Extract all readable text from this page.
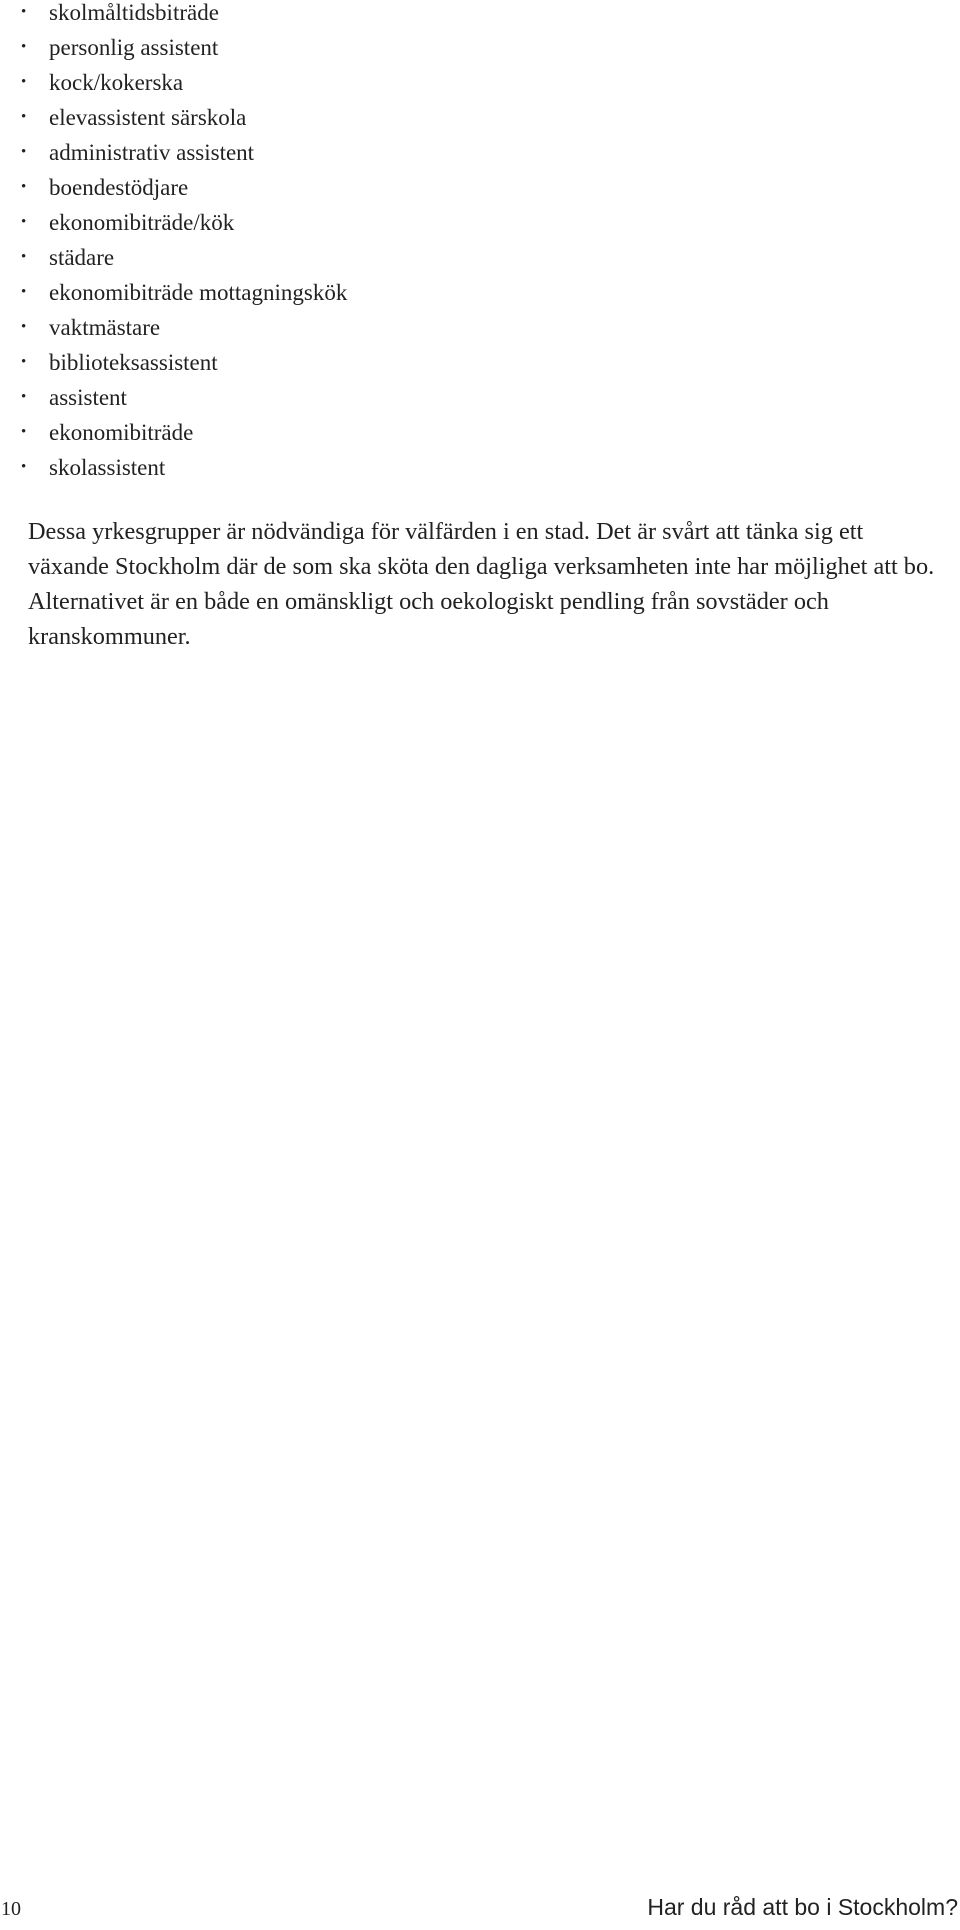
• skolmåltidsbiträde
• personlig assistent
• kock/kokerska
• elevassistent särskola
• administrativ assistent
• boendestödjare
• ekonomibiträde/kök
• städare
• ekonomibiträde mottagningskök
• vaktmästare
• biblioteksassistent
• assistent
• ekonomibiträde
• skolassistent

Dessa yrkesgrupper är nödvändiga för välfärden i en stad. Det är svårt att tänka sig ett växande Stockholm där de som ska sköta den dagliga verksamheten inte har möjlighet att bo. Alternativet är en både en omänskligt och oekologiskt pendling från sovstäder och kranskommuner.

10	Har du råd att bo i Stockholm?
